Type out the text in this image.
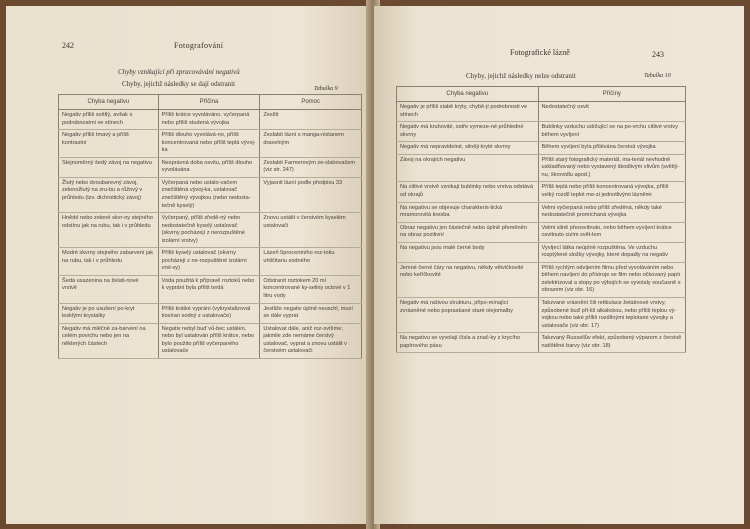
242	Fotografování
Chyby vznikající při zpracovávání negativů
Chyby, jejichž následky se dají odstranit
Tabulka 9
Chyba negativu	Příčina	Pomoc
Negativ příliš světlý, avšak s podrobnostmi ve stínech	Příliš krátce vyvoláváno, vyčerpaná nebo příliš studená vývojka	Zesílit
Negativ příliš tmavý a příliš kontrastní	Příliš dlouho vyvolává-no, příliš koncentrovaná nebo příliš teplá vývoj-ka	Zeslabit lázní s manga-nistanem draselným
Stejnoměrný šedý závoj na negativu	Nesprávná doba osvitu, příliš dlouho vyvolávána	Zeslabit Farmerovým ze-slabovačem (viz str. 247)
Žlutý nebo dvoubarevný závoj, zelenožlutý na zru-bu a růžový v průhledu (tzv. dichroitický závoj)	Vyčerpaná nebo ustalo-vačem znečištěná vývoj-ka, ustalovač znečištěný vývojkou (nebo nedosta-tečně kyselý)	Vyjasnit lázní podle předpisu 33
Hnědé nebo zelené skvr-ny stejného odstínu jak na rubu, tak i v průhledu	Vyčerpaný, příliš zředě-ný nebo nedostatečně kyselý ustalovač (skvrny pocházejí z nerozpuštěné izolární vrstvy)	Znovu ustálit v čerstvém kyselém ustalovači
Modré skvrny stejného zabarvení jak na rubu, tak i v průhledu	Příliš kyselý ustalovač (skvrny pocházejí z ne-rozpuštěné izolární vrst-vy)	Lázeň 5procentního roz-toku uhličitanu sodného
Šedá usazenina na želati-nové vrstvě	Voda použitá k přípravě roztoků nebo k vyprání byla příliš tvrdá	Odstranit roztokem 20 ml koncentrované ky-seliny octové v 1 litru vody
Negativ je po usušení po-kryt lesklými krystalky	Příliš krátké vyprání (vykrystalizoval tiosíran sodný z ustalovače)	Jestliže negativ úplně neuschl, musí se dále vyprat
Negativ má mléčně za-barvení na celém povrchu nebo jen na některých částech	Negativ nebyl buď vů-bec ustálen, nebo byl ustalován příliš krátce, nebo bylo použito příliš vyčerpaného ustalovače	Ustalovat dále, aniž roz-svítíme; jakmile zde nemáme čerstvý ustalovač, vyprat a znovu ustálit v čerstvém ustalovači
Fotografické lázně	243
Chyby, jejichž následky nelze odstranit	Tabulka 10
Chyba negativu	Příčiny
Negativ je příliš slabě kryty, chybě-jí podrobnosti ve stínech	Nedostatečný osvit
Negativ má kruhovité, ostře vymeze-né průhledné skvrny	Bublinky vzduchu udržující se na po-vrchu citlivé vrstvy během vyvíjení
Negativ má nepravidelné, silněji kryté skvrny	Během vyvíjení byla přilévána čerstvá vývojka
Závoj na okrajích negativu	Příliš starý fotografický materiál, ma-teriál nevhodně uskladňovaný nebo vystavený škodlivým vlivům (světlý-nu, škrovidlu apod.)
Na citlivé vrstvě vznikají bublinky nebo vrstva odstává od okrajů	Příliš teplá nebo příliš koncentrovaná vývojka, příliš velký rozdíl teplot me-zi jednotlivými lázněmi
Na negativu se objevuje charakteris-tická mramorovitá kresba	Velmi vyčerpaná nebo příliš zředěná, někdy také nedostatečně promíchaná vývojka
Obraz negativu jen částečně nebo úplně přeměněn na obraz pozitivní	Velmi silně přeosvitnuto, nebo během vyvíjení krátce osvitnuto cizím svět-lem
Na negativu jsou malé černé body	Vyvíjecí látka neúplně rozpuštěna. Ve vzduchu rozptýlené složky vývojky, které dopadly na negativ
Jemné černé čáry na negativu, někdy větvičkovité nebo keříčkovité	Příliš rychlým odvíjením filmu před vyvoláváním nebo během navíjení do přístroje se film nebo očkovaný papír zelektrizoval a stopy po výbojích se vyvolaly současně s obrazem (viz obr. 16)
Negativ má rašivou strukturu, připo-mínající zvrásněné nebo popraskané staré olejomalby	Takzvané vrásnění čili retikulace želatinové vrstvy, způsobené buď pří-liš alkalickou, nebo příliš teplou vý-vojkou nebo také příliš rozdílnými teplotami vývojky a ustalovače (viz obr. 17)
Na negativu se vyvolají čísla a znač-ky z krycího papírového pásu	Takzvaný Russellův efekt, způsobený výparem z čerstvě natíštěné barvy (viz obr. 18)
